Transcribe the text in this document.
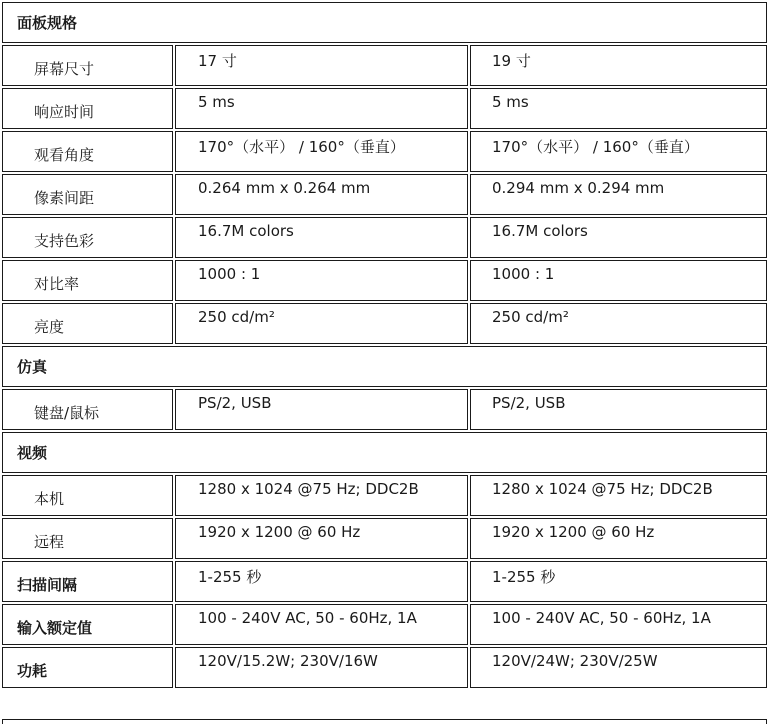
面板规格		
屏幕尺寸	17 寸	19 寸
响应时间	5 ms	5 ms
观看角度	170°（水平） / 160°（垂直）	170°（水平） / 160°（垂直）
像素间距	0.264 mm x 0.264 mm	0.294 mm x 0.294 mm
支持色彩	16.7M colors	16.7M colors
对比率	1000 : 1	1000 : 1
亮度	250 cd/m²	250 cd/m²
仿真		
键盘/鼠标	PS/2, USB	PS/2, USB
视频		
本机	1280 x 1024 @75 Hz; DDC2B	1280 x 1024 @75 Hz; DDC2B
远程	1920 x 1200 @ 60 Hz	1920 x 1200 @ 60 Hz
扫描间隔	1-255 秒	1-255 秒
输入额定值	100 - 240V AC, 50 - 60Hz, 1A	100 - 240V AC, 50 - 60Hz, 1A
功耗	120V/15.2W; 230V/16W	120V/24W; 230V/25W
